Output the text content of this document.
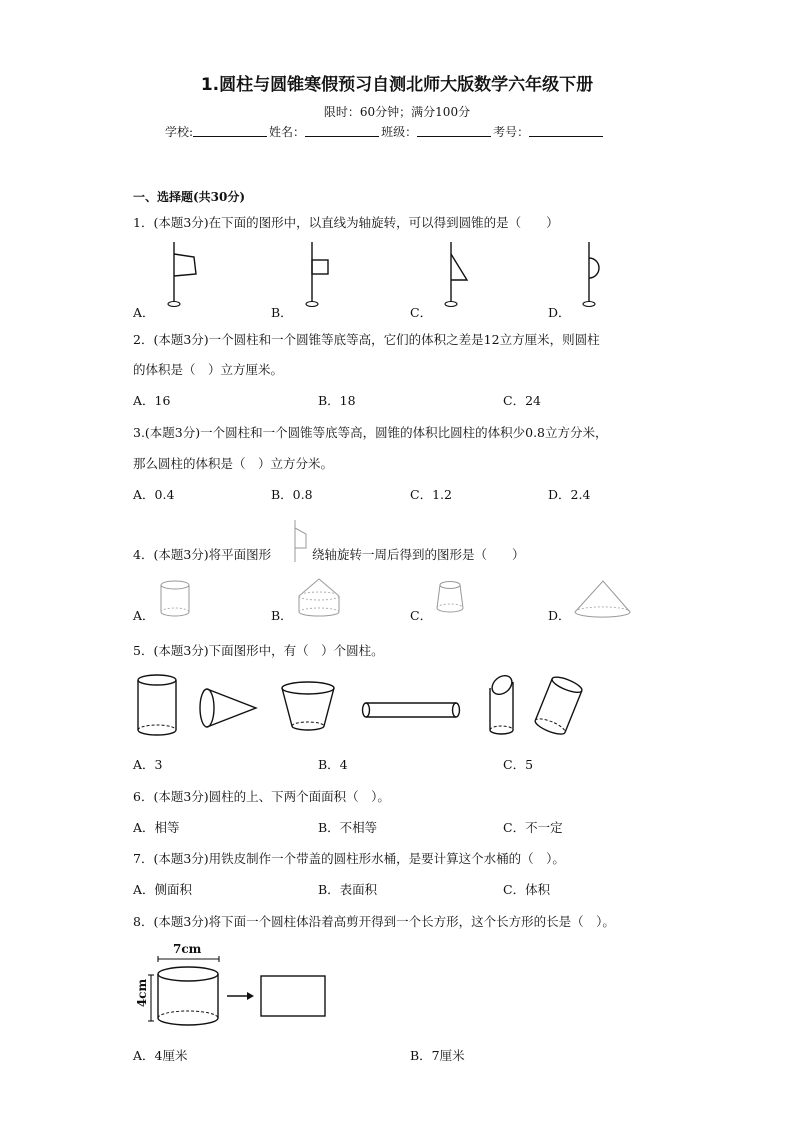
1.圆柱与圆锥寒假预习自测北师大版数学六年级下册
限时：60分钟；满分100分
学校:	姓名：	班级：	考号：
一、选择题(共30分)
1．(本题3分)在下面的图形中，以直线为轴旋转，可以得到圆锥的是（　　）
A．	B．	C．	D．
2．(本题3分)一个圆柱和一个圆锥等底等高，它们的体积之差是12立方厘米，则圆柱
的体积是（　）立方厘米。
A．16	B．18	C．24
3.(本题3分)一个圆柱和一个圆锥等底等高，圆锥的体积比圆柱的体积少0.8立方分米，
那么圆柱的体积是（　）立方分米。
A．0.4	B．0.8	C．1.2	D．2.4
4．(本题3分)将平面图形	绕轴旋转一周后得到的图形是（　　）
A．	B．	C．	D．
5．(本题3分)下面图形中，有（　）个圆柱。
A．3	B．4	C．5
6．(本题3分)圆柱的上、下两个面面积（　）。
A．相等	B．不相等	C．不一定
7．(本题3分)用铁皮制作一个带盖的圆柱形水桶，是要计算这个水桶的（　）。
A．侧面积	B．表面积	C．体积
8．(本题3分)将下面一个圆柱体沿着高剪开得到一个长方形，这个长方形的长是（　）。
7cm
4cm
A．4厘米	B．7厘米
